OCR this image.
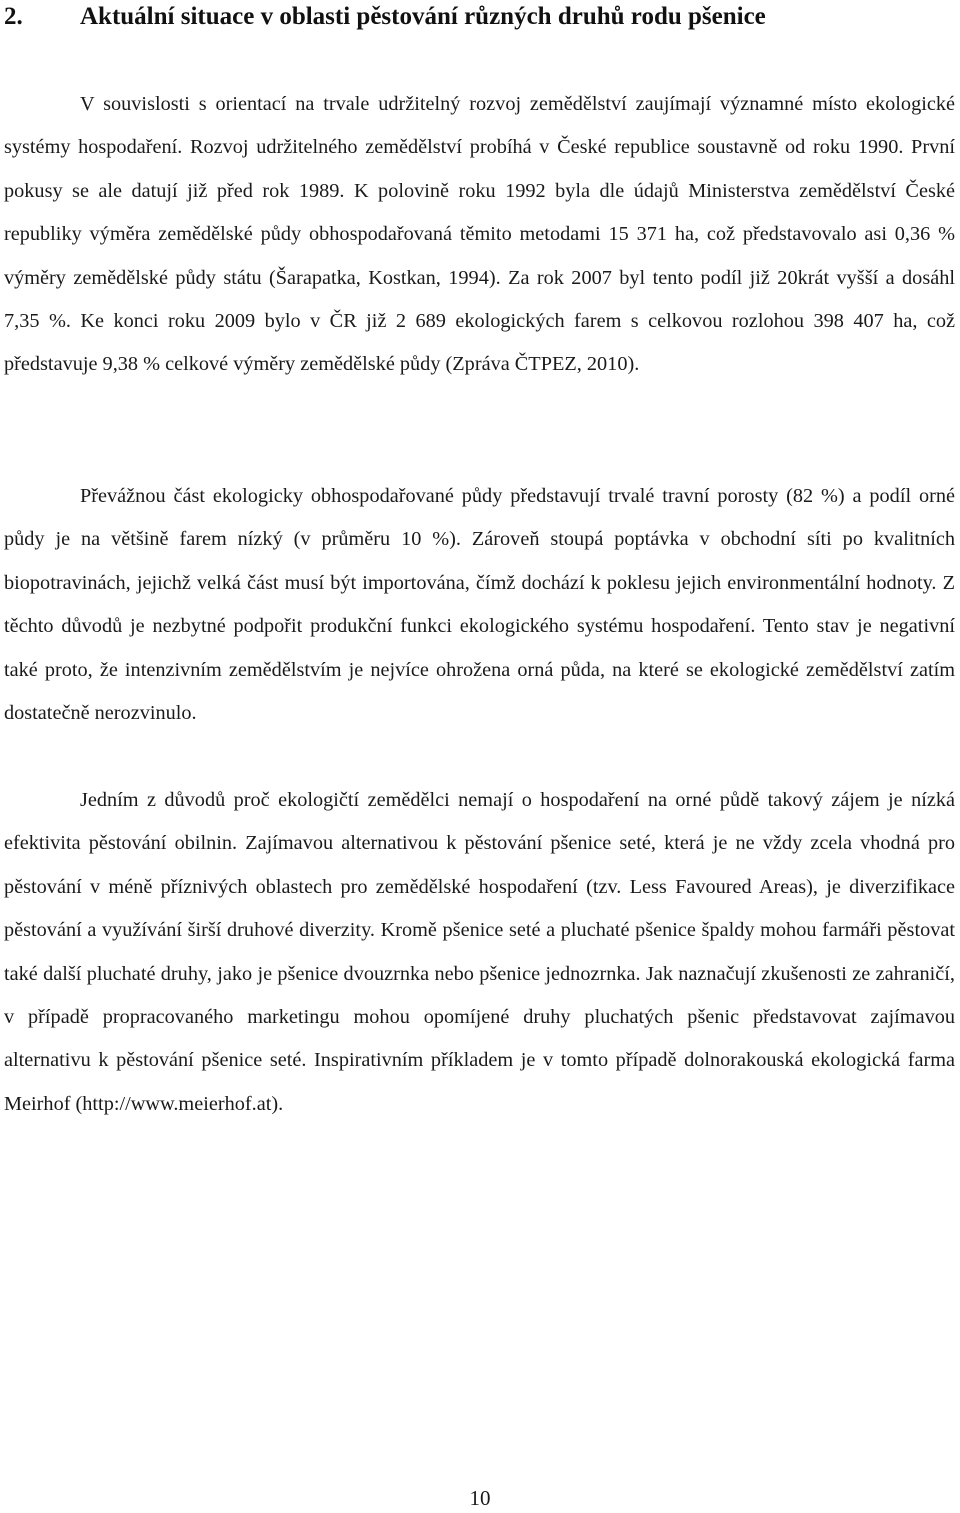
2.	Aktuální situace v oblasti pěstování různých druhů rodu pšenice

V souvislosti s orientací na trvale udržitelný rozvoj zemědělství zaujímají významné místo ekologické systémy hospodaření. Rozvoj udržitelného zemědělství probíhá v České republice soustavně od roku 1990. První pokusy se ale datují již před rok 1989. K polovině roku 1992 byla dle údajů Ministerstva zemědělství České republiky výměra zemědělské půdy obhospodařovaná těmito metodami 15 371 ha, což představovalo asi 0,36 % výměry zemědělské půdy státu (Šarapatka, Kostkan, 1994). Za rok 2007 byl tento podíl již 20krát vyšší a dosáhl 7,35 %. Ke konci roku 2009 bylo v ČR již 2 689 ekologických farem s celkovou rozlohou 398 407 ha, což představuje 9,38 % celkové výměry zemědělské půdy (Zpráva ČTPEZ, 2010).

Převážnou část ekologicky obhospodařované půdy představují trvalé travní porosty (82 %) a podíl orné půdy je na většině farem nízký (v průměru 10 %). Zároveň stoupá poptávka v obchodní síti po kvalitních biopotravinách, jejichž velká část musí být importována, čímž dochází k poklesu jejich environmentální hodnoty. Z těchto důvodů je nezbytné podpořit produkční funkci ekologického systému hospodaření. Tento stav je negativní také proto, že intenzivním zemědělstvím je nejvíce ohrožena orná půda, na které se ekologické zemědělství zatím dostatečně nerozvinulo.

Jedním z důvodů proč ekologičtí zemědělci nemají o hospodaření na orné půdě takový zájem je nízká efektivita pěstování obilnin. Zajímavou alternativou k pěstování pšenice seté, která je ne vždy zcela vhodná pro pěstování v méně příznivých oblastech pro zemědělské hospodaření (tzv. Less Favoured Areas), je diverzifikace pěstování a využívání širší druhové diverzity. Kromě pšenice seté a pluchaté pšenice špaldy mohou farmáři pěstovat také další pluchaté druhy, jako je pšenice dvouzrnka nebo pšenice jednozrnka. Jak naznačují zkušenosti ze zahraničí, v případě propracovaného marketingu mohou opomíjené druhy pluchatých pšenic představovat zajímavou alternativu k pěstování pšenice seté. Inspirativním příkladem je v tomto případě dolnorakouská ekologická farma Meirhof (http://www.meierhof.at).

10
